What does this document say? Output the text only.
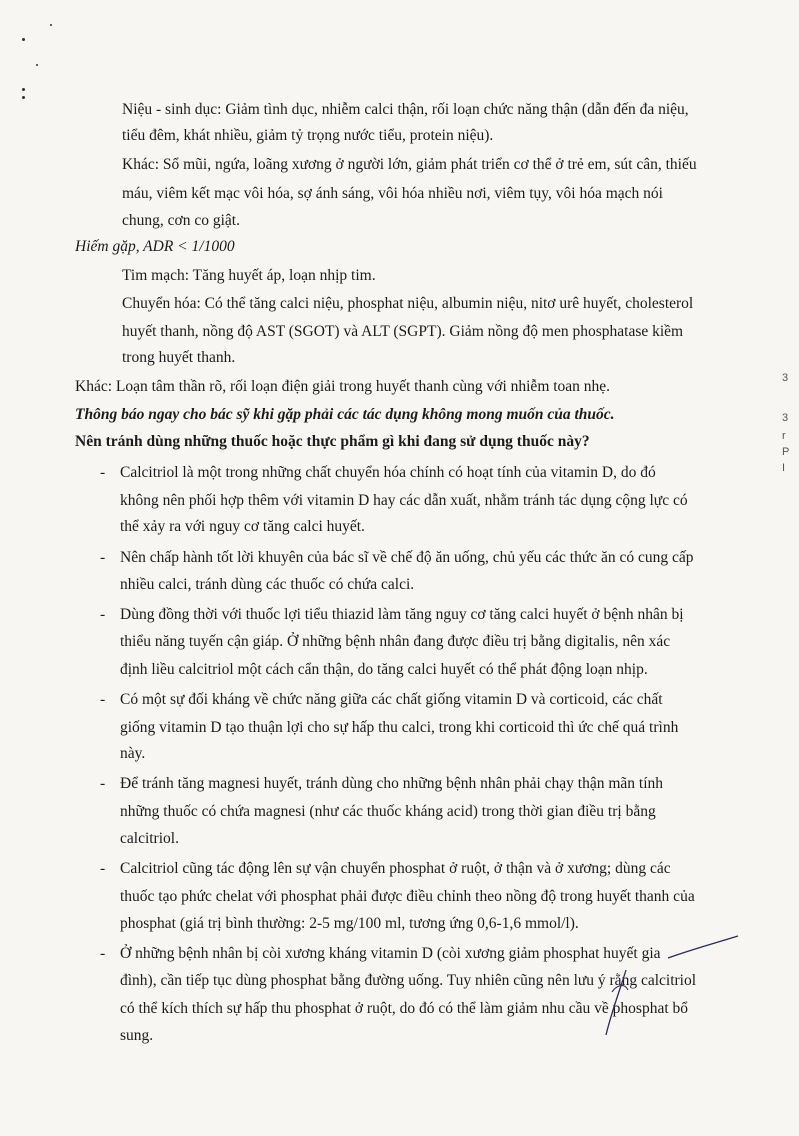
3
3
r
P
I
Niệu - sinh dục: Giảm tình dục, nhiễm calci thận, rối loạn chức năng thận (dẫn đến đa niệu,
tiểu đêm, khát nhiều, giảm tỷ trọng nước tiểu, protein niệu).
Khác: Sổ mũi, ngứa, loãng xương ở người lớn, giảm phát triển cơ thể ở trẻ em, sút cân, thiếu
máu, viêm kết mạc vôi hóa, sợ ánh sáng, vôi hóa nhiều nơi, viêm tụy, vôi hóa mạch nói
chung, cơn co giật.
Hiếm gặp, ADR < 1/1000
Tim mạch: Tăng huyết áp, loạn nhịp tim.
Chuyển hóa: Có thể tăng calci niệu, phosphat niệu, albumin niệu, nitơ urê huyết, cholesterol
huyết thanh, nồng độ AST (SGOT) và ALT (SGPT). Giảm nồng độ men phosphatase kiềm
trong huyết thanh.
Khác: Loạn tâm thần rõ, rối loạn điện giải trong huyết thanh cùng với nhiễm toan nhẹ.
Thông báo ngay cho bác sỹ khi gặp phải các tác dụng không mong muốn của thuốc.
Nên tránh dùng những thuốc hoặc thực phẩm gì khi đang sử dụng thuốc này?
- Calcitriol là một trong những chất chuyển hóa chính có hoạt tính của vitamin D, do đó
không nên phối hợp thêm với vitamin D hay các dẫn xuất, nhằm tránh tác dụng cộng lực có
thể xảy ra với nguy cơ tăng calci huyết.
- Nên chấp hành tốt lời khuyên của bác sĩ về chế độ ăn uống, chủ yếu các thức ăn có cung cấp
nhiều calci, tránh dùng các thuốc có chứa calci.
- Dùng đồng thời với thuốc lợi tiểu thiazid làm tăng nguy cơ tăng calci huyết ở bệnh nhân bị
thiểu năng tuyến cận giáp. Ở những bệnh nhân đang được điều trị bằng digitalis, nên xác
định liều calcitriol một cách cẩn thận, do tăng calci huyết có thể phát động loạn nhịp.
- Có một sự đối kháng về chức năng giữa các chất giống vitamin D và corticoid, các chất
giống vitamin D tạo thuận lợi cho sự hấp thu calci, trong khi corticoid thì ức chế quá trình
này.
- Để tránh tăng magnesi huyết, tránh dùng cho những bệnh nhân phải chạy thận mãn tính
những thuốc có chứa magnesi (như các thuốc kháng acid) trong thời gian điều trị bằng
calcitriol.
- Calcitriol cũng tác động lên sự vận chuyển phosphat ở ruột, ở thận và ở xương; dùng các
thuốc tạo phức chelat với phosphat phải được điều chỉnh theo nồng độ trong huyết thanh của
phosphat (giá trị bình thường: 2-5 mg/100 ml, tương ứng 0,6-1,6 mmol/l).
- Ở những bệnh nhân bị còi xương kháng vitamin D (còi xương giảm phosphat huyết gia
đình), cần tiếp tục dùng phosphat bằng đường uống. Tuy nhiên cũng nên lưu ý rằng calcitriol
có thể kích thích sự hấp thu phosphat ở ruột, do đó có thể làm giảm nhu cầu về phosphat bổ
sung.
